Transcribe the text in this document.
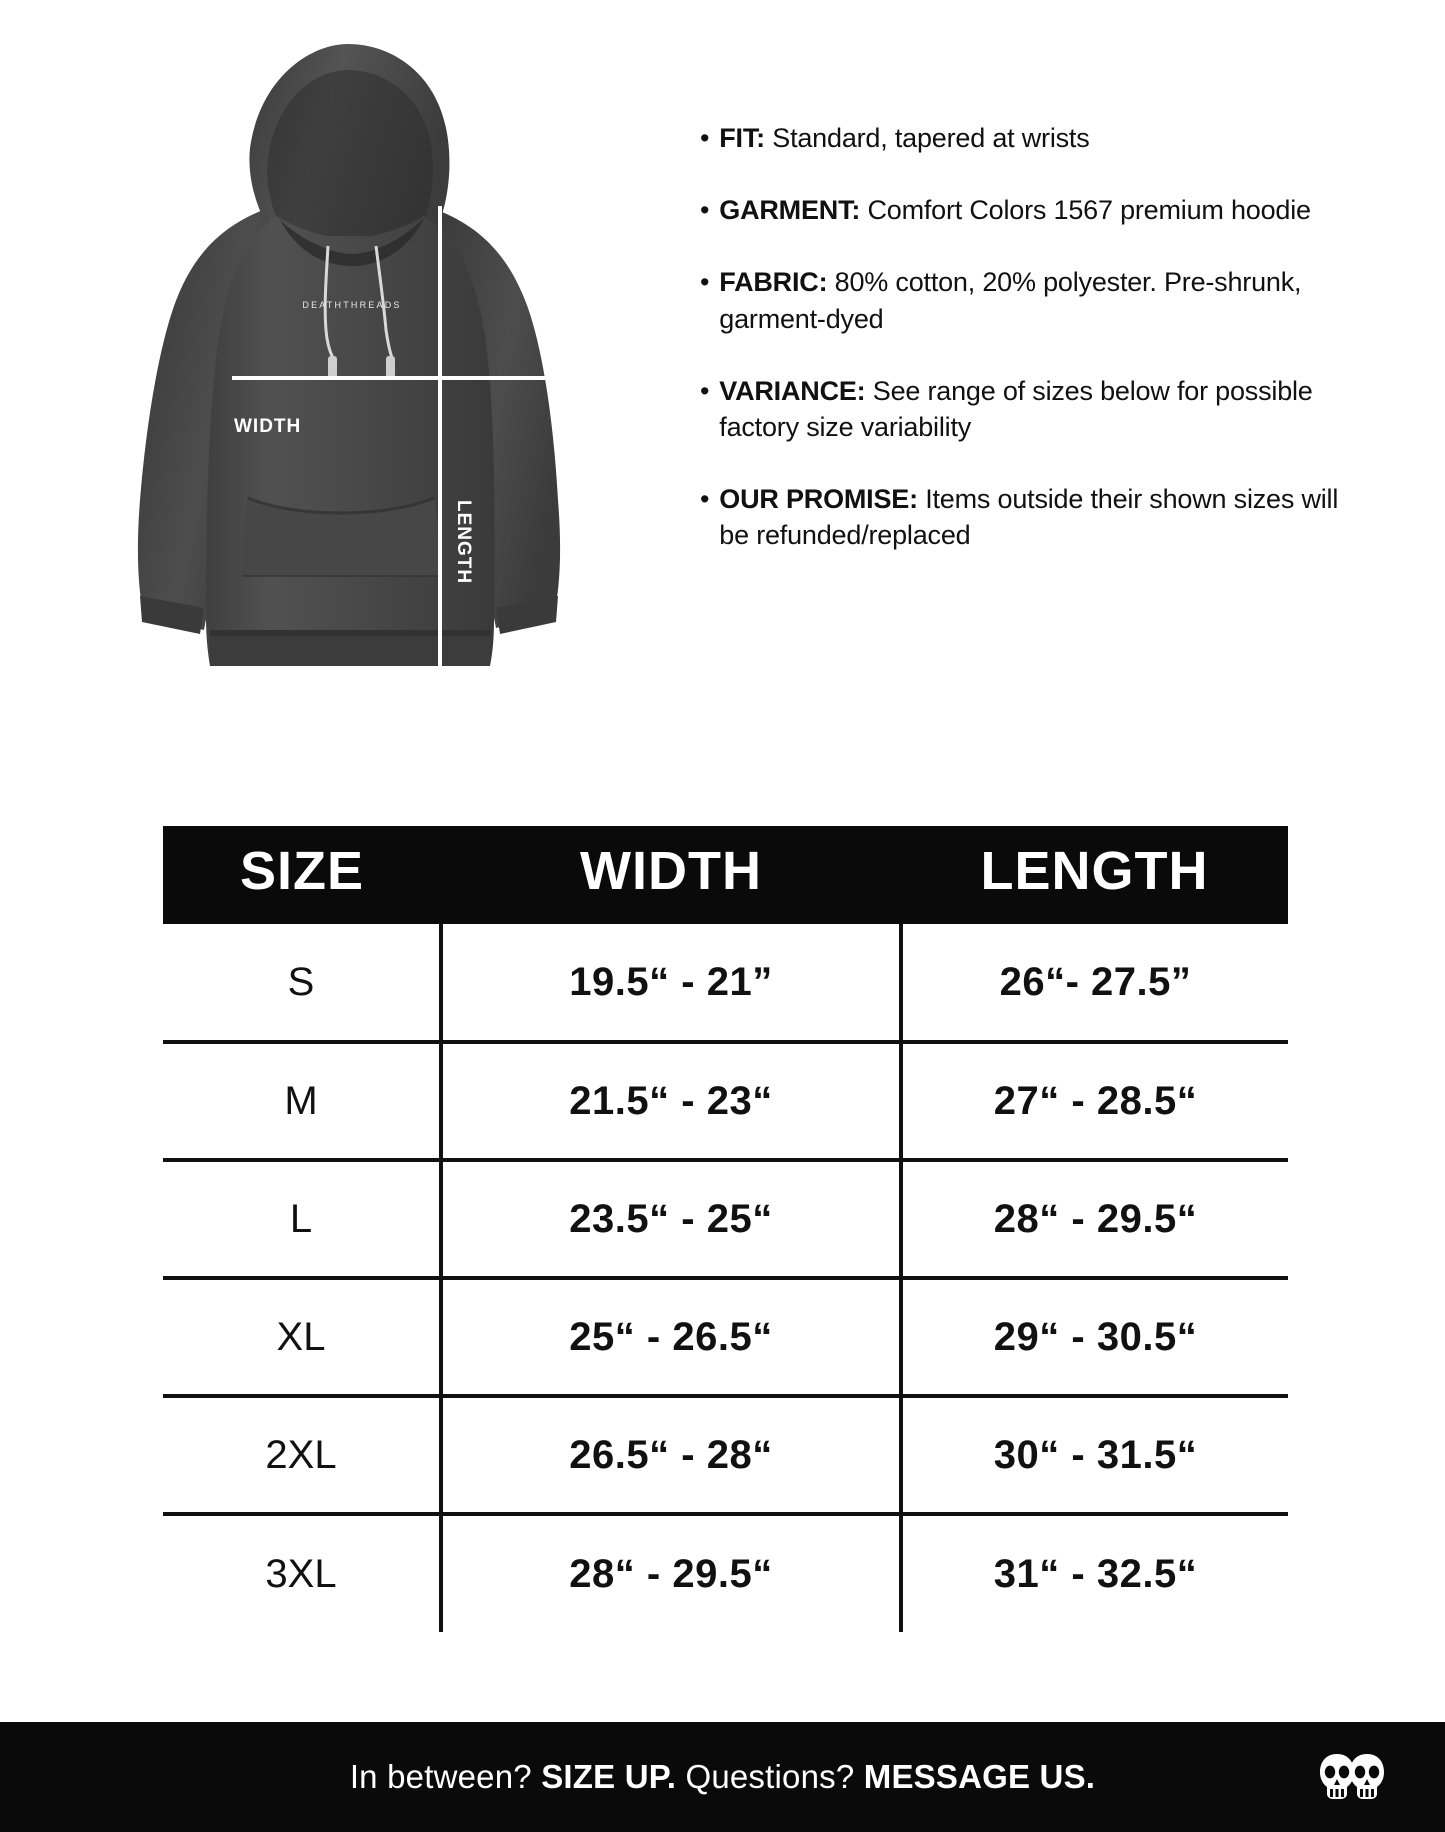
DEATHTHREADS
WIDTH
LENGTH
• FIT: Standard, tapered at wrists
• GARMENT: Comfort Colors 1567 premium hoodie
• FABRIC: 80% cotton, 20% polyester. Pre-shrunk, garment-dyed
• VARIANCE: See range of sizes below for possible factory size variability
• OUR PROMISE: Items outside their shown sizes will be refunded/replaced
SIZE	WIDTH	LENGTH
S	19.5“ - 21”	26“- 27.5”
M	21.5“ - 23“	27“ - 28.5“
L	23.5“ - 25“	28“ - 29.5“
XL	25“ - 26.5“	29“ - 30.5“
2XL	26.5“ - 28“	30“ - 31.5“
3XL	28“ - 29.5“	31“ - 32.5“
In between? SIZE UP. Questions? MESSAGE US.
